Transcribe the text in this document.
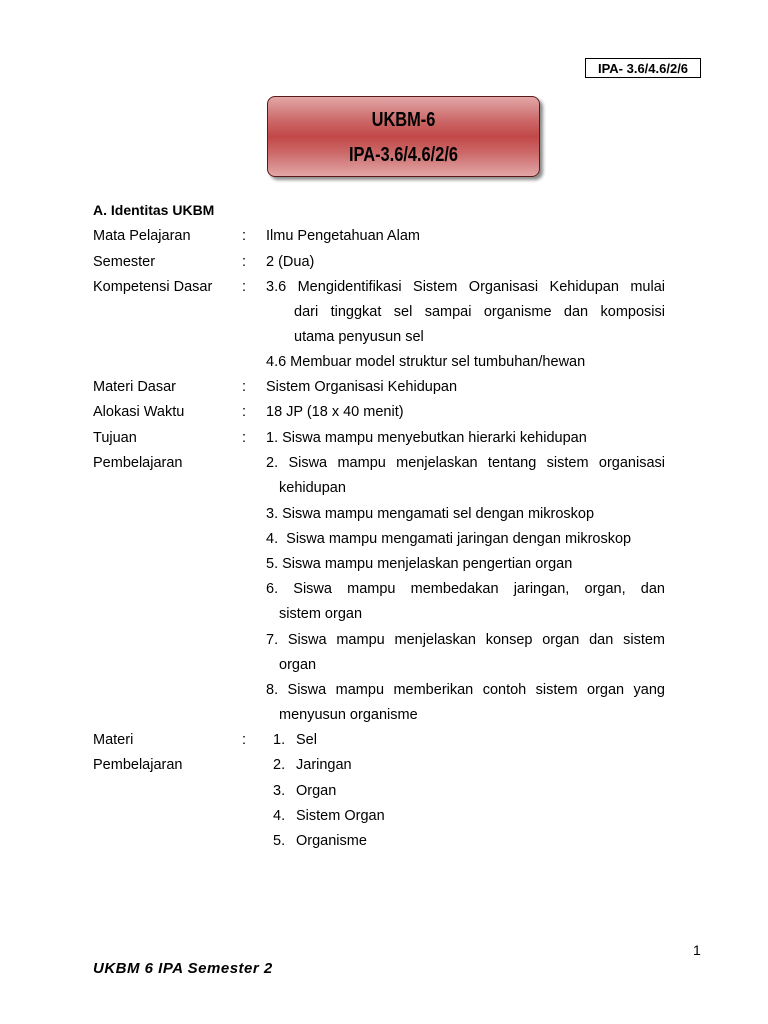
IPA- 3.6/4.6/2/6
UKBM-6
IPA-3.6/4.6/2/6
A. Identitas UKBM
Mata Pelajaran	: Ilmu Pengetahuan Alam
Semester	: 2 (Dua)
Kompetensi Dasar : 3.6 Mengidentifikasi Sistem Organisasi Kehidupan mulai
dari tinggkat sel sampai organisme dan komposisi
utama penyusun sel
4.6 Membuar model struktur sel tumbuhan/hewan
Materi Dasar	: Sistem Organisasi Kehidupan
Alokasi Waktu	: 18 JP (18 x 40 menit)
Tujuan
Pembelajaran
: 1. Siswa mampu menyebutkan hierarki kehidupan
2. Siswa mampu menjelaskan tentang sistem organisasi
kehidupan
3. Siswa mampu mengamati sel dengan mikroskop
4.  Siswa mampu mengamati jaringan dengan mikroskop
5. Siswa mampu menjelaskan pengertian organ
6. Siswa mampu membedakan jaringan, organ, dan
sistem organ
7. Siswa mampu menjelaskan konsep organ dan sistem
organ
8. Siswa mampu memberikan contoh sistem organ yang
menyusun organisme
Materi
Pembelajaran
: 1. Sel
2. Jaringan
3. Organ
4. Sistem Organ
5. Organisme
1
UKBM 6 IPA Semester 2
